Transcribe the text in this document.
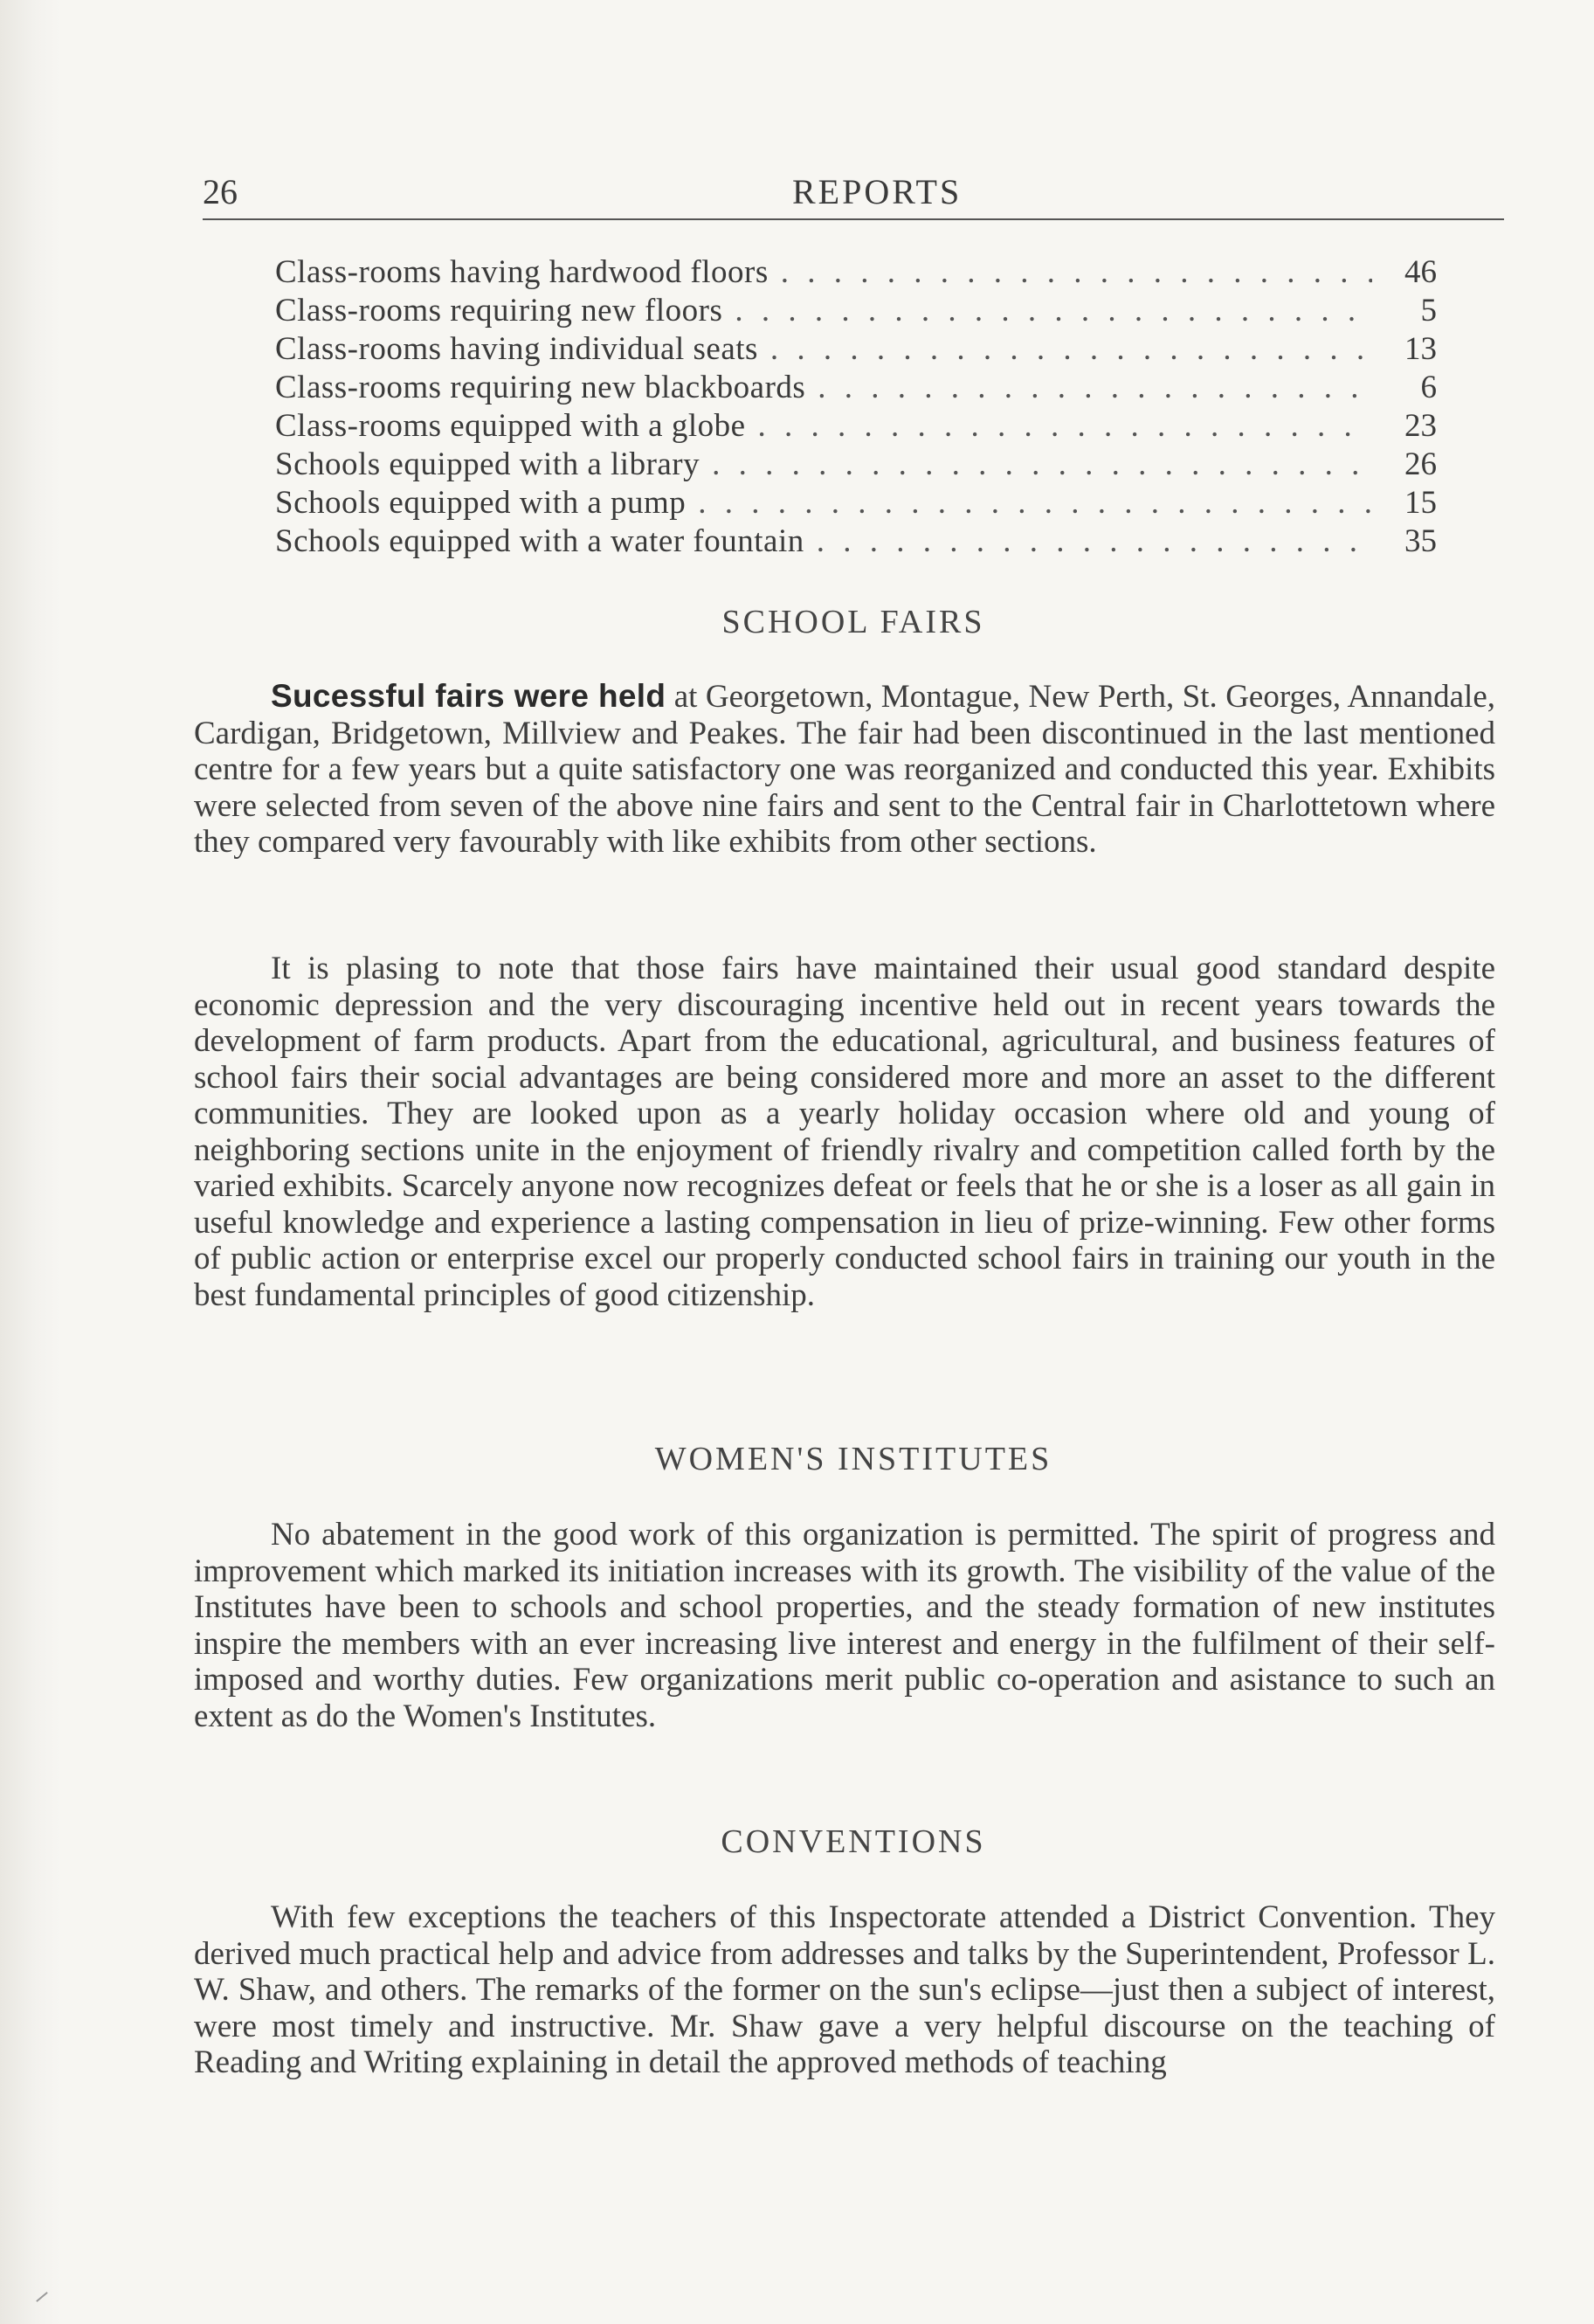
26	REPORTS
Class-rooms having hardwood floors . . .	46
Class-rooms requiring new floors . . .	5
Class-rooms having individual seats . . .	13
Class-rooms requiring new blackboards . . .	6
Class-rooms equipped with a globe . . .	23
Schools equipped with a library . . .	26
Schools equipped with a pump . . .	15
Schools equipped with a water fountain . . .	35
SCHOOL FAIRS

Sucessful fairs were held at Georgetown, Montague, New Perth, St. Georges, Annandale, Cardigan, Bridgetown, Millview and Peakes. The fair had been discontinued in the last mentioned centre for a few years but a quite satisfactory one was reorganized and conducted this year. Exhibits were selected from seven of the above nine fairs and sent to the Central fair in Charlottetown where they compared very favourably with like exhibits from other sections.

It is plasing to note that those fairs have maintained their usual good standard despite economic depression and the very discouraging incentive held out in recent years towards the development of farm products. Apart from the educational, agricultural, and business features of school fairs their social advantages are being considered more and more an asset to the different communities. They are looked upon as a yearly holiday occasion where old and young of neighboring sections unite in the enjoyment of friendly rivalry and competition called forth by the varied exhibits. Scarcely anyone now recognizes defeat or feels that he or she is a loser as all gain in useful knowledge and experience a lasting compensation in lieu of prize-winning. Few other forms of public action or enterprise excel our properly conducted school fairs in training our youth in the best fundamental principles of good citizenship.

WOMEN'S INSTITUTES

No abatement in the good work of this organization is permitted. The spirit of progress and improvement which marked its initiation increases with its growth. The visibility of the value of the Institutes have been to schools and school properties, and the steady formation of new institutes inspire the members with an ever increasing live interest and energy in the fulfilment of their self-imposed and worthy duties. Few organizations merit public co-operation and asistance to such an extent as do the Women's Institutes.

CONVENTIONS

With few exceptions the teachers of this Inspectorate attended a District Convention. They derived much practical help and advice from addresses and talks by the Superintendent, Professor L. W. Shaw, and others. The remarks of the former on the sun's eclipse—just then a subject of interest, were most timely and instructive. Mr. Shaw gave a very helpful discourse on the teaching of Reading and Writing explaining in detail the approved methods of teaching
